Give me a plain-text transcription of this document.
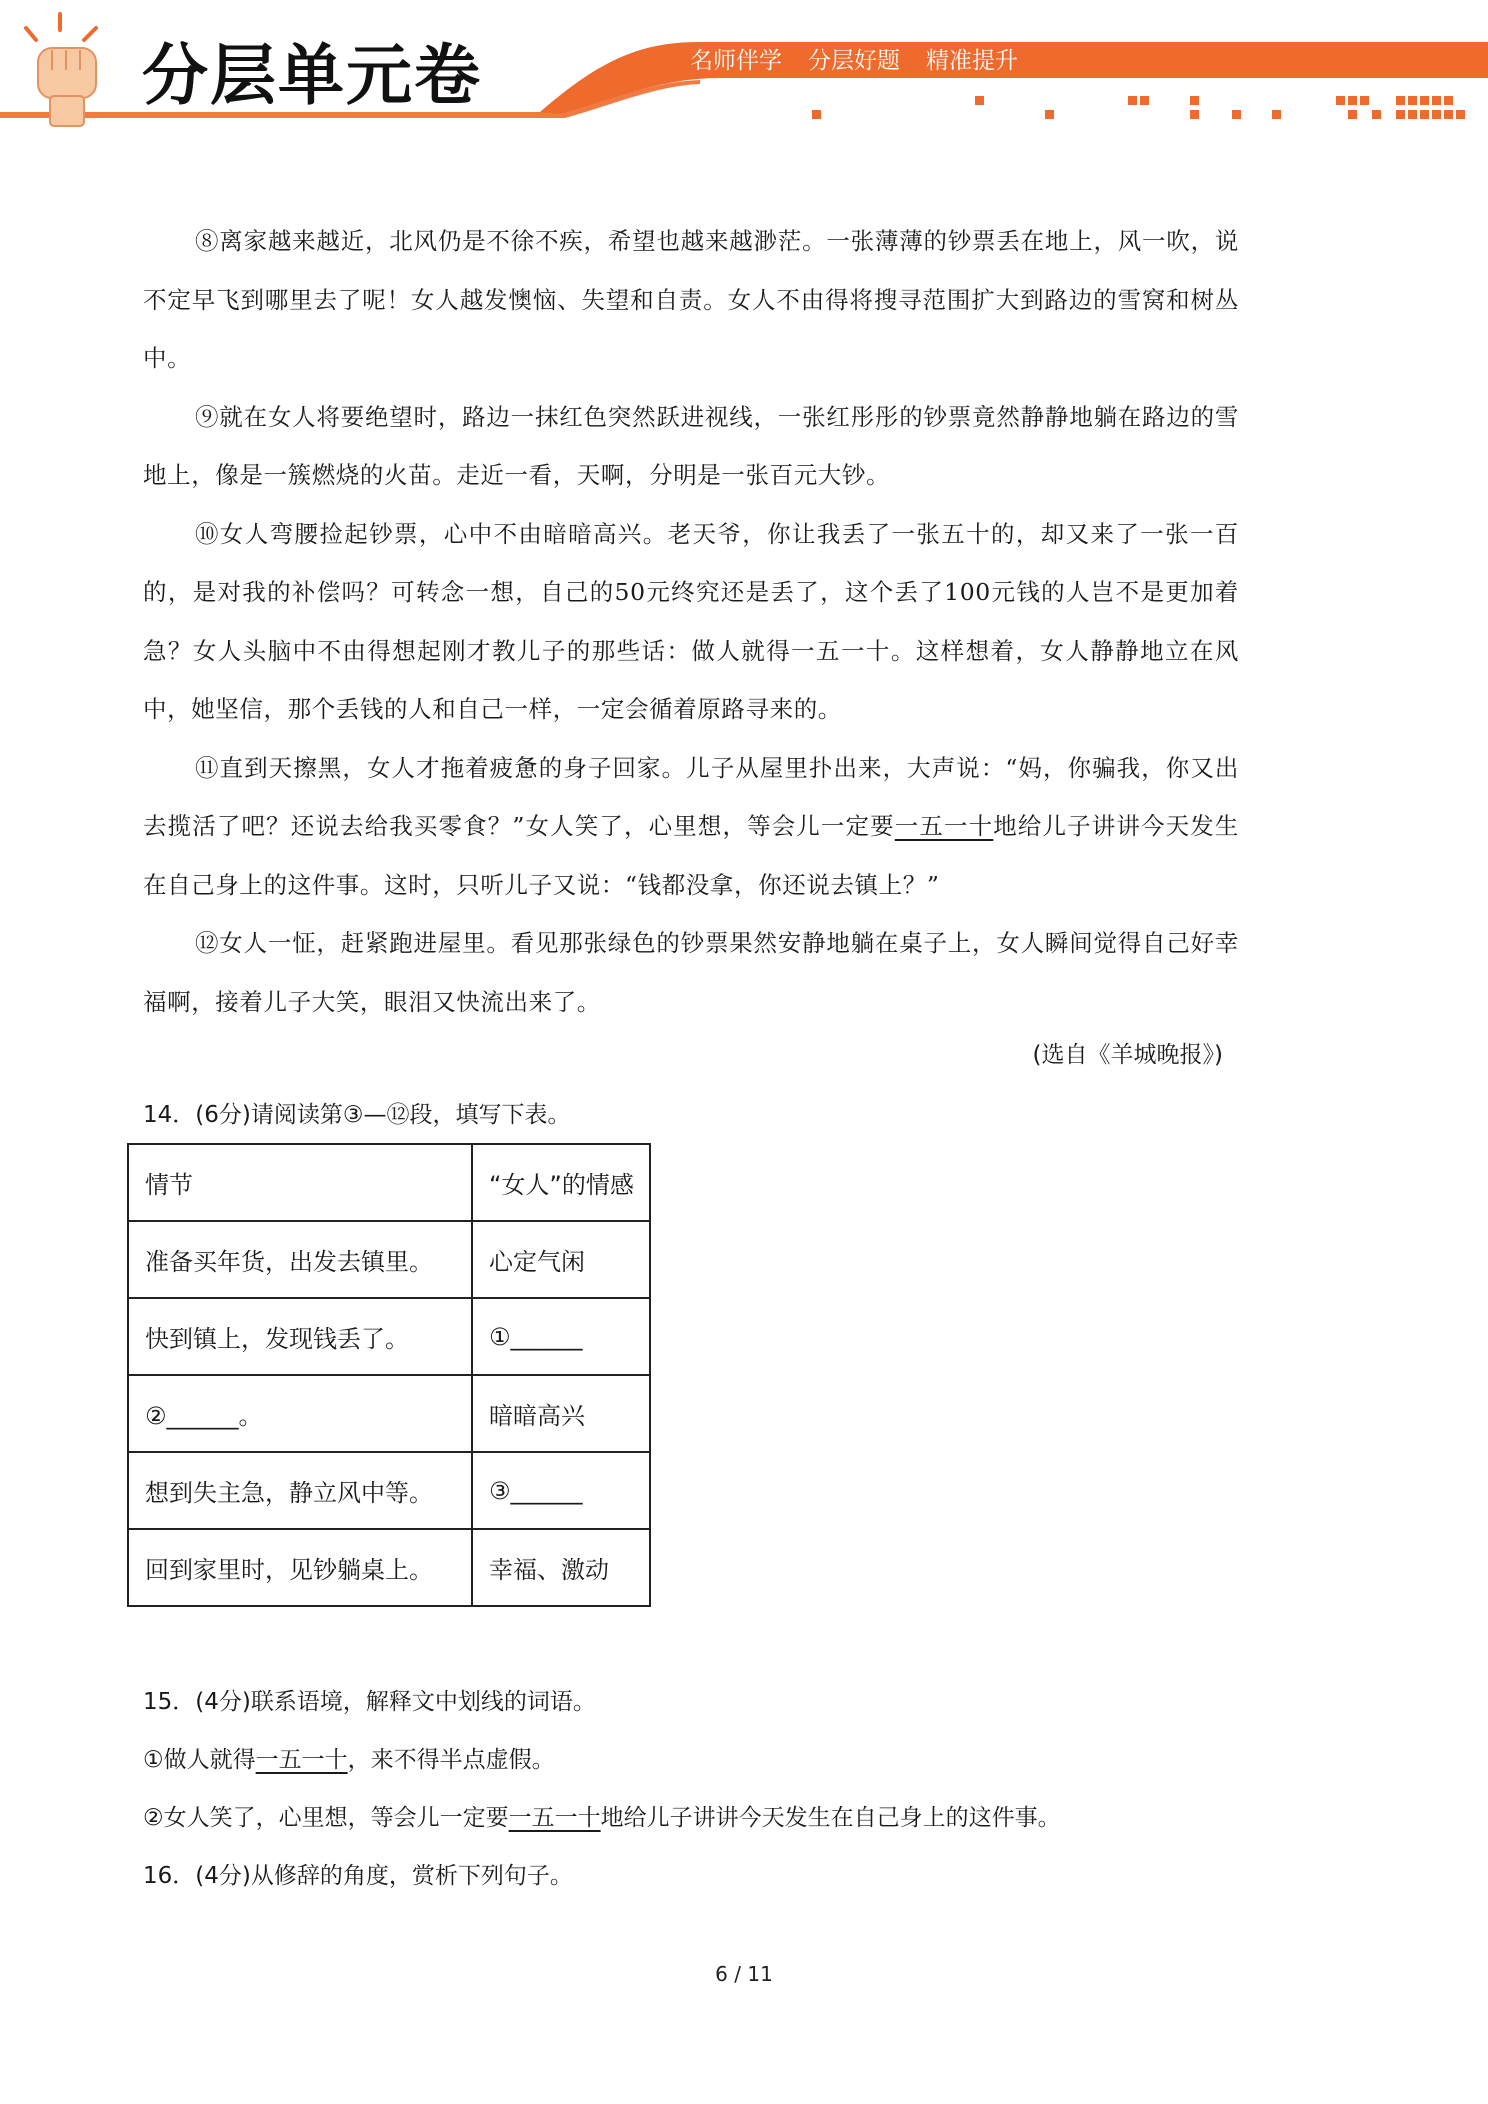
分层单元卷	名师伴学 分层好题 精准提升

⑧离家越来越近，北风仍是不徐不疾，希望也越来越渺茫。一张薄薄的钞票丢在地上，风一吹，说不定早飞到哪里去了呢！女人越发懊恼、失望和自责。女人不由得将搜寻范围扩大到路边的雪窝和树丛中。

⑨就在女人将要绝望时，路边一抹红色突然跃进视线，一张红彤彤的钞票竟然静静地躺在路边的雪地上，像是一簇燃烧的火苗。走近一看，天啊，分明是一张百元大钞。

⑩女人弯腰捡起钞票，心中不由暗暗高兴。老天爷，你让我丢了一张五十的，却又来了一张一百的，是对我的补偿吗？可转念一想，自己的50元终究还是丢了，这个丢了100元钱的人岂不是更加着急？女人头脑中不由得想起刚才教儿子的那些话：做人就得一五一十。这样想着，女人静静地立在风中，她坚信，那个丢钱的人和自己一样，一定会循着原路寻来的。

⑪直到天擦黑，女人才拖着疲惫的身子回家。儿子从屋里扑出来，大声说：“妈，你骗我，你又出去揽活了吧？还说去给我买零食？”女人笑了，心里想，等会儿一定要一五一十地给儿子讲讲今天发生在自己身上的这件事。这时，只听儿子又说：“钱都没拿，你还说去镇上？”

⑫女人一怔，赶紧跑进屋里。看见那张绿色的钞票果然安静地躺在桌子上，女人瞬间觉得自己好幸福啊，接着儿子大笑，眼泪又快流出来了。

(选自《羊城晚报》)
14．(6分)请阅读第③—⑫段，填写下表。
情节	“女人”的情感
准备买年货，出发去镇里。	心定气闲
快到镇上，发现钱丢了。	①______
②______。	暗暗高兴
想到失主急，静立风中等。	③______
回到家里时，见钞躺桌上。	幸福、激动
15．(4分)联系语境，解释文中划线的词语。
①做人就得一五一十，来不得半点虚假。
②女人笑了，心里想，等会儿一定要一五一十地给儿子讲讲今天发生在自己身上的这件事。
16．(4分)从修辞的角度，赏析下列句子。
6 / 11
